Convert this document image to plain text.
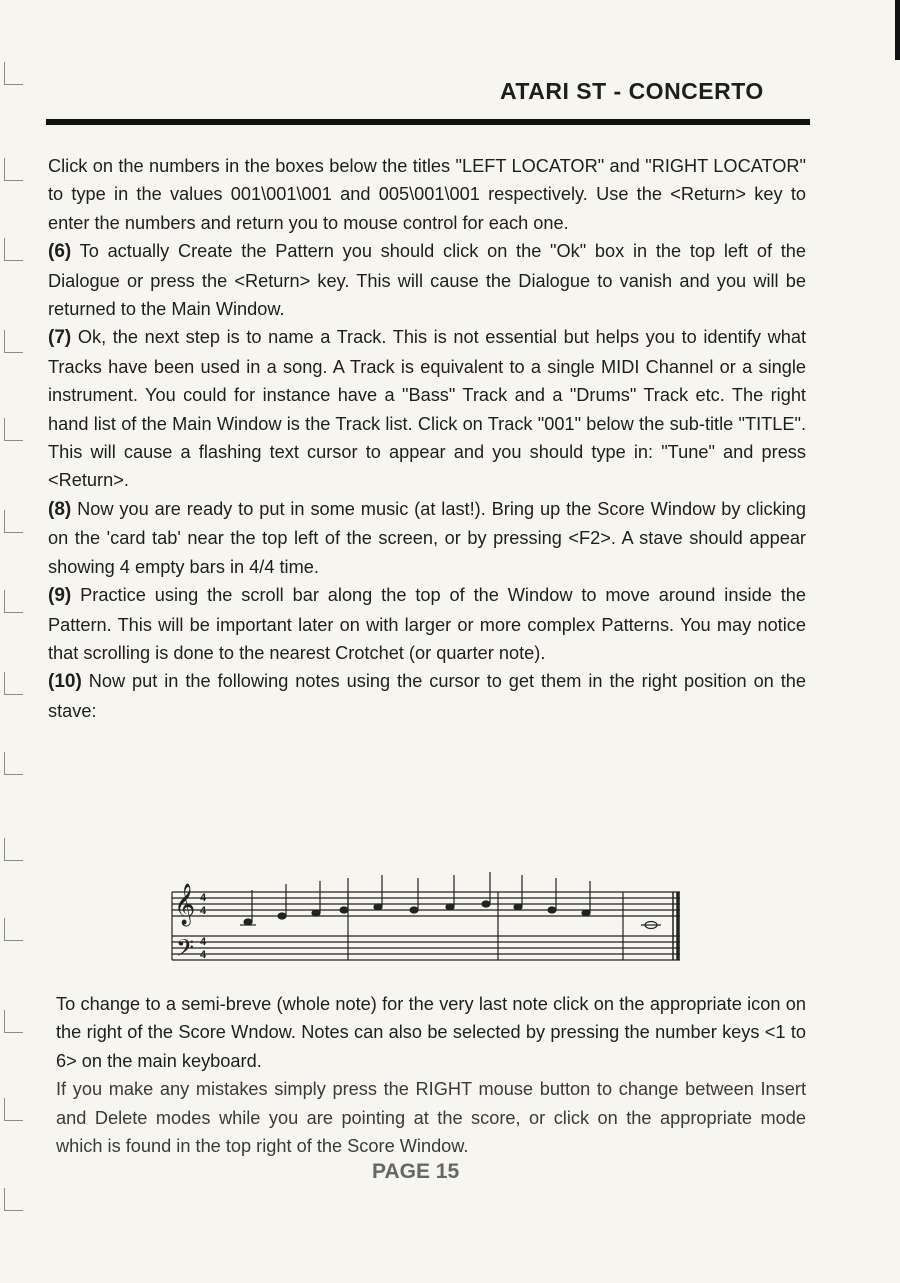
ATARI ST - CONCERTO

Click on the numbers in the boxes below the titles "LEFT LOCATOR" and "RIGHT LOCATOR" to type in the values 001\001\001 and 005\001\001 respectively. Use the <Return> key to enter the numbers and return you to mouse control for each one.

(6) To actually Create the Pattern you should click on the "Ok" box in the top left of the Dialogue or press the <Return> key. This will cause the Dialogue to vanish and you will be returned to the Main Window.

(7) Ok, the next step is to name a Track. This is not essential but helps you to identify what Tracks have been used in a song. A Track is equivalent to a single MIDI Channel or a single instrument. You could for instance have a "Bass" Track and a "Drums" Track etc. The right hand list of the Main Window is the Track list. Click on Track "001" below the sub-title "TITLE". This will cause a flashing text cursor to appear and you should type in: "Tune" and press <Return>.

(8) Now you are ready to put in some music (at last!). Bring up the Score Window by clicking on the 'card tab' near the top left of the screen, or by pressing <F2>. A stave should appear showing 4 empty bars in 4/4 time.

(9) Practice using the scroll bar along the top of the Window to move around inside the Pattern. This will be important later on with larger or more complex Patterns. You may notice that scrolling is done to the nearest Crotchet (or quarter note).

(10) Now put in the following notes using the cursor to get them in the right position on the stave:

𝄞
𝄢
4
4
4
4

To change to a semi-breve (whole note) for the very last note click on the appropriate icon on the right of the Score Wndow. Notes can also be selected by pressing the number keys <1 to 6> on the main keyboard.

If you make any mistakes simply press the RIGHT mouse button to change between Insert and Delete modes while you are pointing at the score, or click on the appropriate mode which is found in the top right of the Score Window.

PAGE 15
